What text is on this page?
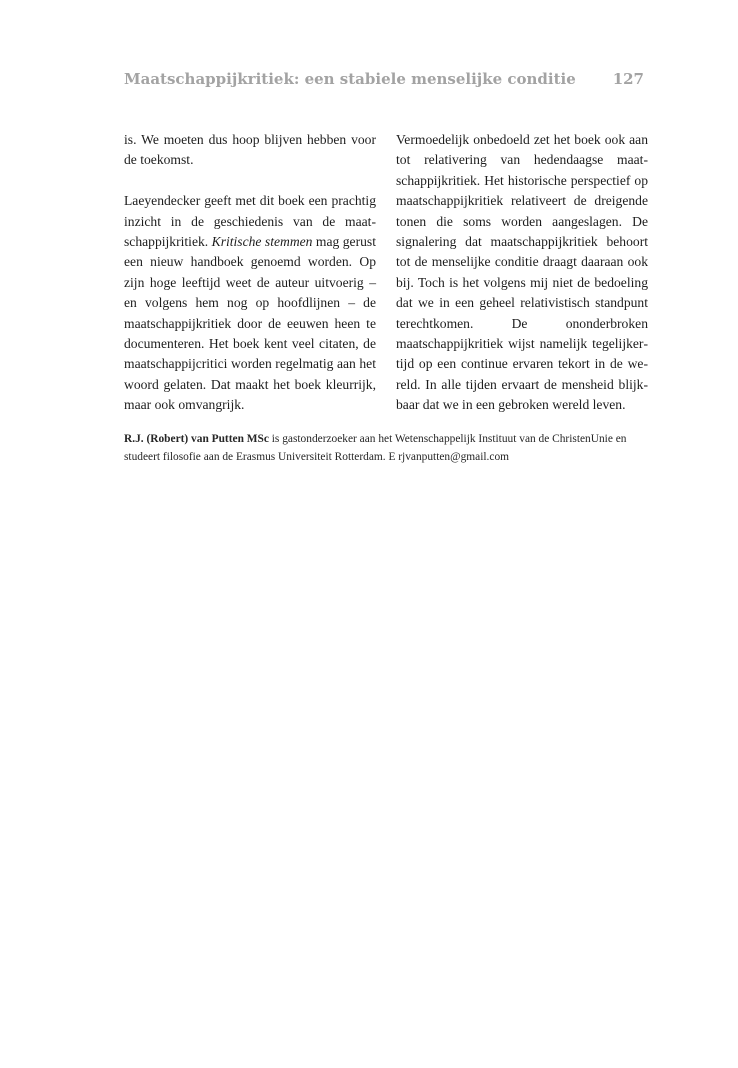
Maatschappijkritiek: een stabiele menselijke conditie 127

is. We moeten dus hoop blijven hebben voor de toekomst.

Laeyendecker geeft met dit boek een prachtig inzicht in de geschiedenis van de maatschappijkritiek. Kritische stemmen mag gerust een nieuw handboek genoemd worden. Op zijn hoge leeftijd weet de auteur uitvoerig – en volgens hem nog op hoofdlijnen – de maatschappijkritiek door de eeuwen heen te documenteren. Het boek kent veel citaten, de maatschappijcritici worden regelmatig aan het woord gelaten. Dat maakt het boek kleurrijk, maar ook omvangrijk.

Vermoedelijk onbedoeld zet het boek ook aan tot relativering van hedendaagse maatschappijkritiek. Het historische perspectief op maatschappijkritiek relativeert de dreigende tonen die soms worden aangeslagen. De signalering dat maatschappijkritiek behoort tot de menselijke conditie draagt daaraan ook bij. Toch is het volgens mij niet de bedoeling dat we in een geheel relativistisch standpunt terechtkomen. De ononderbroken maatschappijkritiek wijst namelijk tegelijkertijd op een continue ervaren tekort in de wereld. In alle tijden ervaart de mensheid blijkbaar dat we in een gebroken wereld leven.

R.J. (Robert) van Putten MSc is gastonderzoeker aan het Wetenschappelijk Instituut van de ChristenUnie en studeert filosofie aan de Erasmus Universiteit Rotterdam. E rjvanputten@gmail.com
